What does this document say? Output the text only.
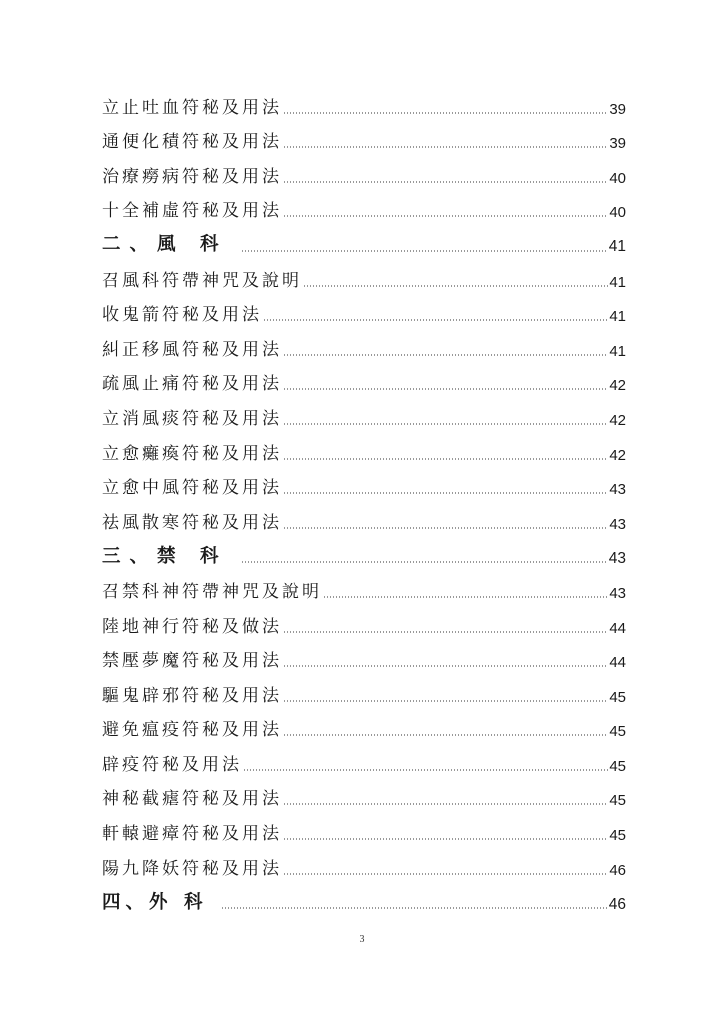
立止吐血符秘及用法	39
通便化積符秘及用法	39
治療癆病符秘及用法	40
十全補虛符秘及用法	40
二、風 科	41
召風科符帶神咒及說明	41
收鬼箭符秘及用法	41
糾正移風符秘及用法	41
疏風止痛符秘及用法	42
立消風痰符秘及用法	42
立愈癱瘓符秘及用法	42
立愈中風符秘及用法	43
祛風散寒符秘及用法	43
三、禁 科	43
召禁科神符帶神咒及說明	43
陸地神行符秘及做法	44
禁壓夢魔符秘及用法	44
驅鬼辟邪符秘及用法	45
避免瘟疫符秘及用法	45
辟疫符秘及用法	45
神秘截瘧符秘及用法	45
軒轅避瘴符秘及用法	45
陽九降妖符秘及用法	46
四、外 科	46
3
